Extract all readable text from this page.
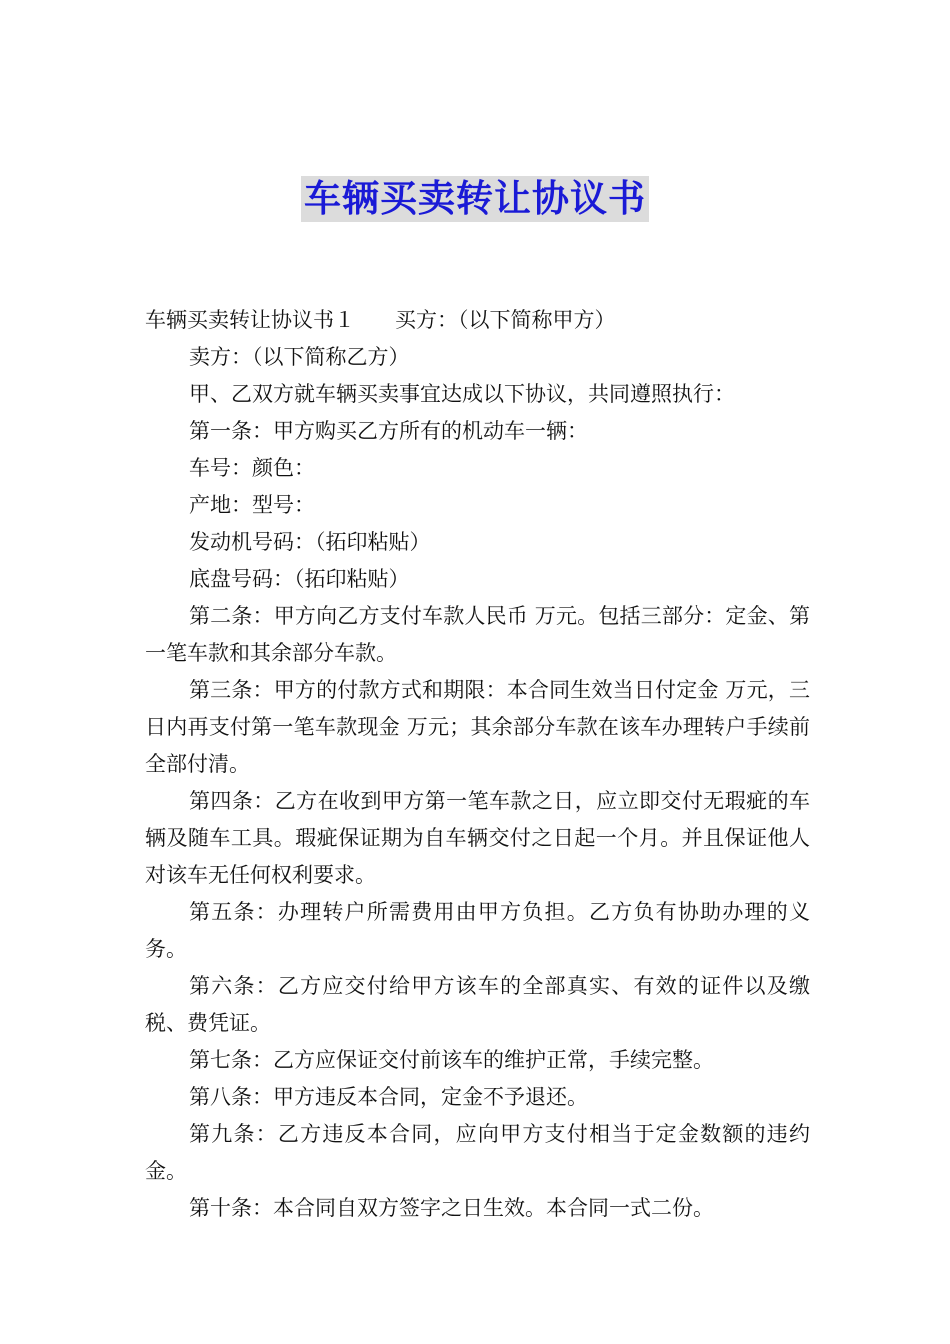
车辆买卖转让协议书

车辆买卖转让协议书１ 买方：（以下简称甲方）

卖方：（以下简称乙方）

甲、乙双方就车辆买卖事宜达成以下协议，共同遵照执行：

第一条：甲方购买乙方所有的机动车一辆：

车号：颜色：

产地：型号：

发动机号码：（拓印粘贴）

底盘号码：（拓印粘贴）

第二条：甲方向乙方支付车款人民币 万元。包括三部分：定金、第一笔车款和其余部分车款。

第三条：甲方的付款方式和期限：本合同生效当日付定金 万元，三日内再支付第一笔车款现金 万元；其余部分车款在该车办理转户手续前全部付清。

第四条：乙方在收到甲方第一笔车款之日，应立即交付无瑕疵的车辆及随车工具。瑕疵保证期为自车辆交付之日起一个月。并且保证他人对该车无任何权利要求。

第五条：办理转户所需费用由甲方负担。乙方负有协助办理的义务。

第六条：乙方应交付给甲方该车的全部真实、有效的证件以及缴税、费凭证。

第七条：乙方应保证交付前该车的维护正常，手续完整。

第八条：甲方违反本合同，定金不予退还。

第九条：乙方违反本合同，应向甲方支付相当于定金数额的违约金。

第十条：本合同自双方签字之日生效。本合同一式二份。
